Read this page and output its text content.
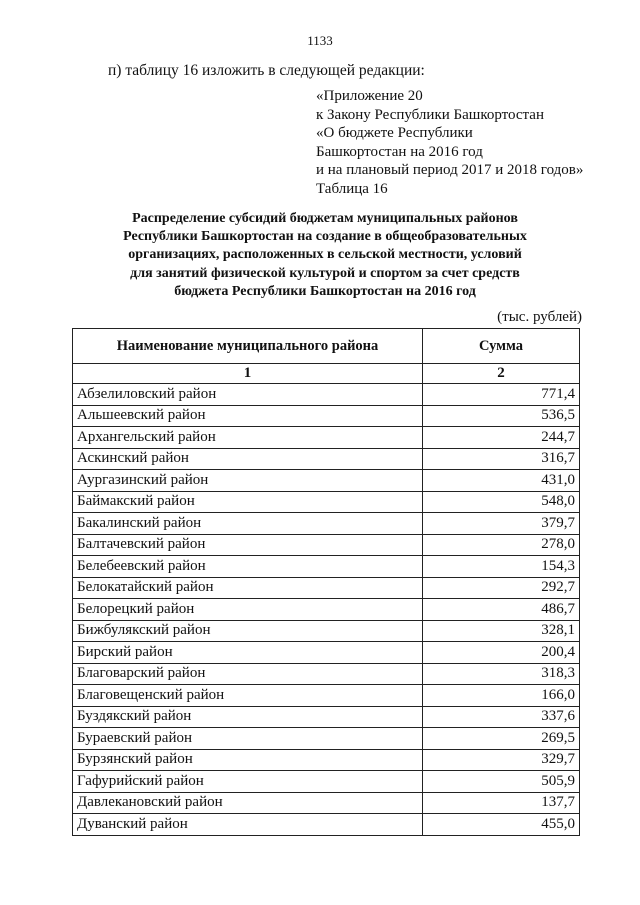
1133
п) таблицу 16 изложить в следующей редакции:
«Приложение 20
к Закону Республики Башкортостан
«О бюджете Республики
Башкортостан на 2016 год
и на плановый период 2017 и 2018 годов»
Таблица 16
Распределение субсидий бюджетам муниципальных районов
Республики Башкортостан на создание в общеобразовательных
организациях, расположенных в сельской местности, условий
для занятий физической культурой и спортом за счет средств
бюджета Республики Башкортостан на 2016 год
(тыс. рублей)
Наименование муниципального района	Сумма
1	2
Абзелиловский район	771,4
Альшеевский район	536,5
Архангельский район	244,7
Аскинский район	316,7
Аургазинский район	431,0
Баймакский район	548,0
Бакалинский район	379,7
Балтачевский район	278,0
Белебеевский район	154,3
Белокатайский район	292,7
Белорецкий район	486,7
Бижбулякский район	328,1
Бирский район	200,4
Благоварский район	318,3
Благовещенский район	166,0
Буздякский район	337,6
Бураевский район	269,5
Бурзянский район	329,7
Гафурийский район	505,9
Давлекановский район	137,7
Дуванский район	455,0
